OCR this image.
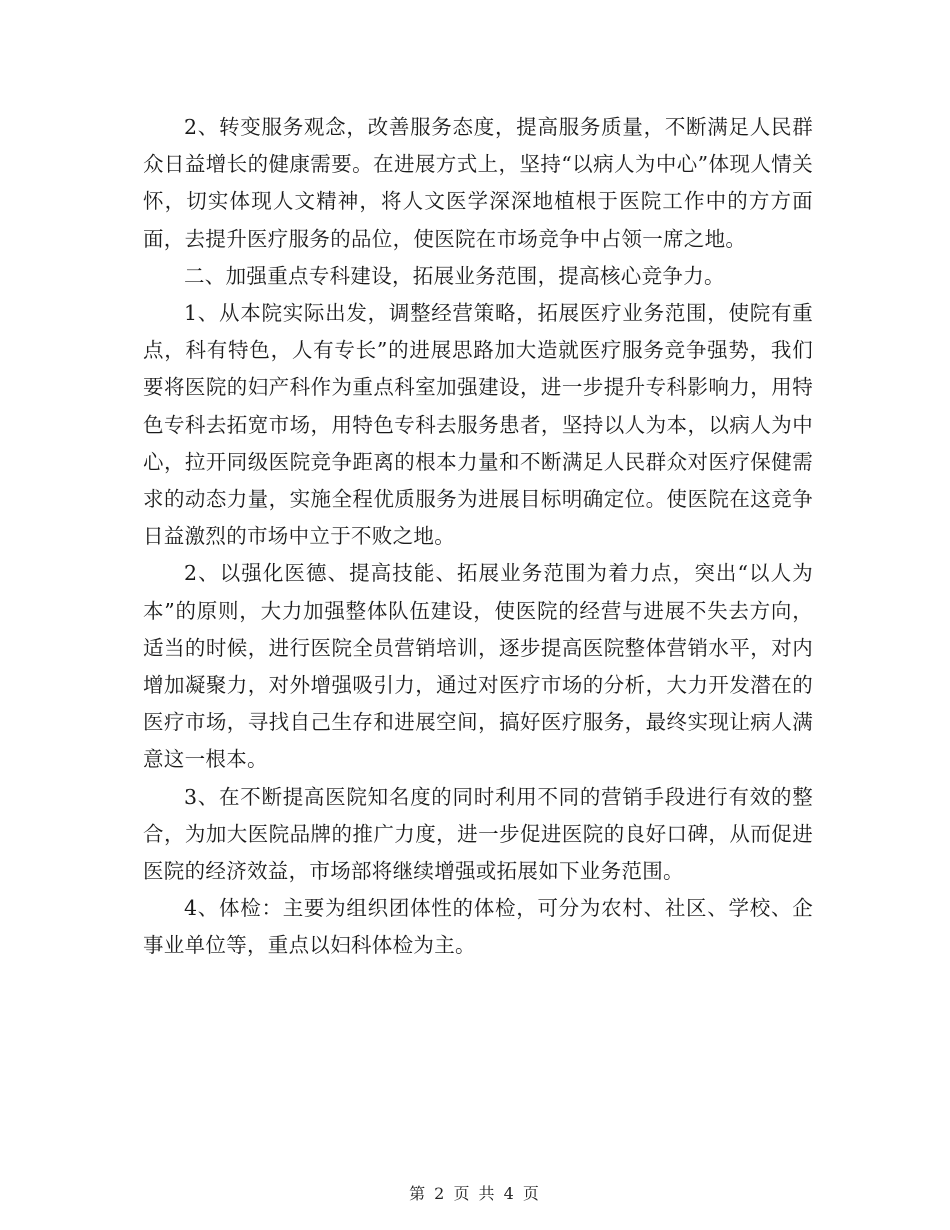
2、转变服务观念，改善服务态度，提高服务质量，不断满足人民群众日益增长的健康需要。在进展方式上，坚持“以病人为中心”体现人情关怀，切实体现人文精神，将人文医学深深地植根于医院工作中的方方面面，去提升医疗服务的品位，使医院在市场竞争中占领一席之地。

二、加强重点专科建设，拓展业务范围，提高核心竞争力。

1、从本院实际出发，调整经营策略，拓展医疗业务范围，使院有重点，科有特色，人有专长”的进展思路加大造就医疗服务竞争强势，我们要将医院的妇产科作为重点科室加强建设，进一步提升专科影响力，用特色专科去拓宽市场，用特色专科去服务患者，坚持以人为本，以病人为中心，拉开同级医院竞争距离的根本力量和不断满足人民群众对医疗保健需求的动态力量，实施全程优质服务为进展目标明确定位。使医院在这竞争日益激烈的市场中立于不败之地。

2、以强化医德、提高技能、拓展业务范围为着力点，突出“以人为本”的原则，大力加强整体队伍建设，使医院的经营与进展不失去方向，适当的时候，进行医院全员营销培训，逐步提高医院整体营销水平，对内增加凝聚力，对外增强吸引力，通过对医疗市场的分析，大力开发潜在的医疗市场，寻找自己生存和进展空间，搞好医疗服务，最终实现让病人满意这一根本。

3、在不断提高医院知名度的同时利用不同的营销手段进行有效的整合，为加大医院品牌的推广力度，进一步促进医院的良好口碑，从而促进医院的经济效益，市场部将继续增强或拓展如下业务范围。

4、体检：主要为组织团体性的体检，可分为农村、社区、学校、企事业单位等，重点以妇科体检为主。

第 2 页 共 4 页
